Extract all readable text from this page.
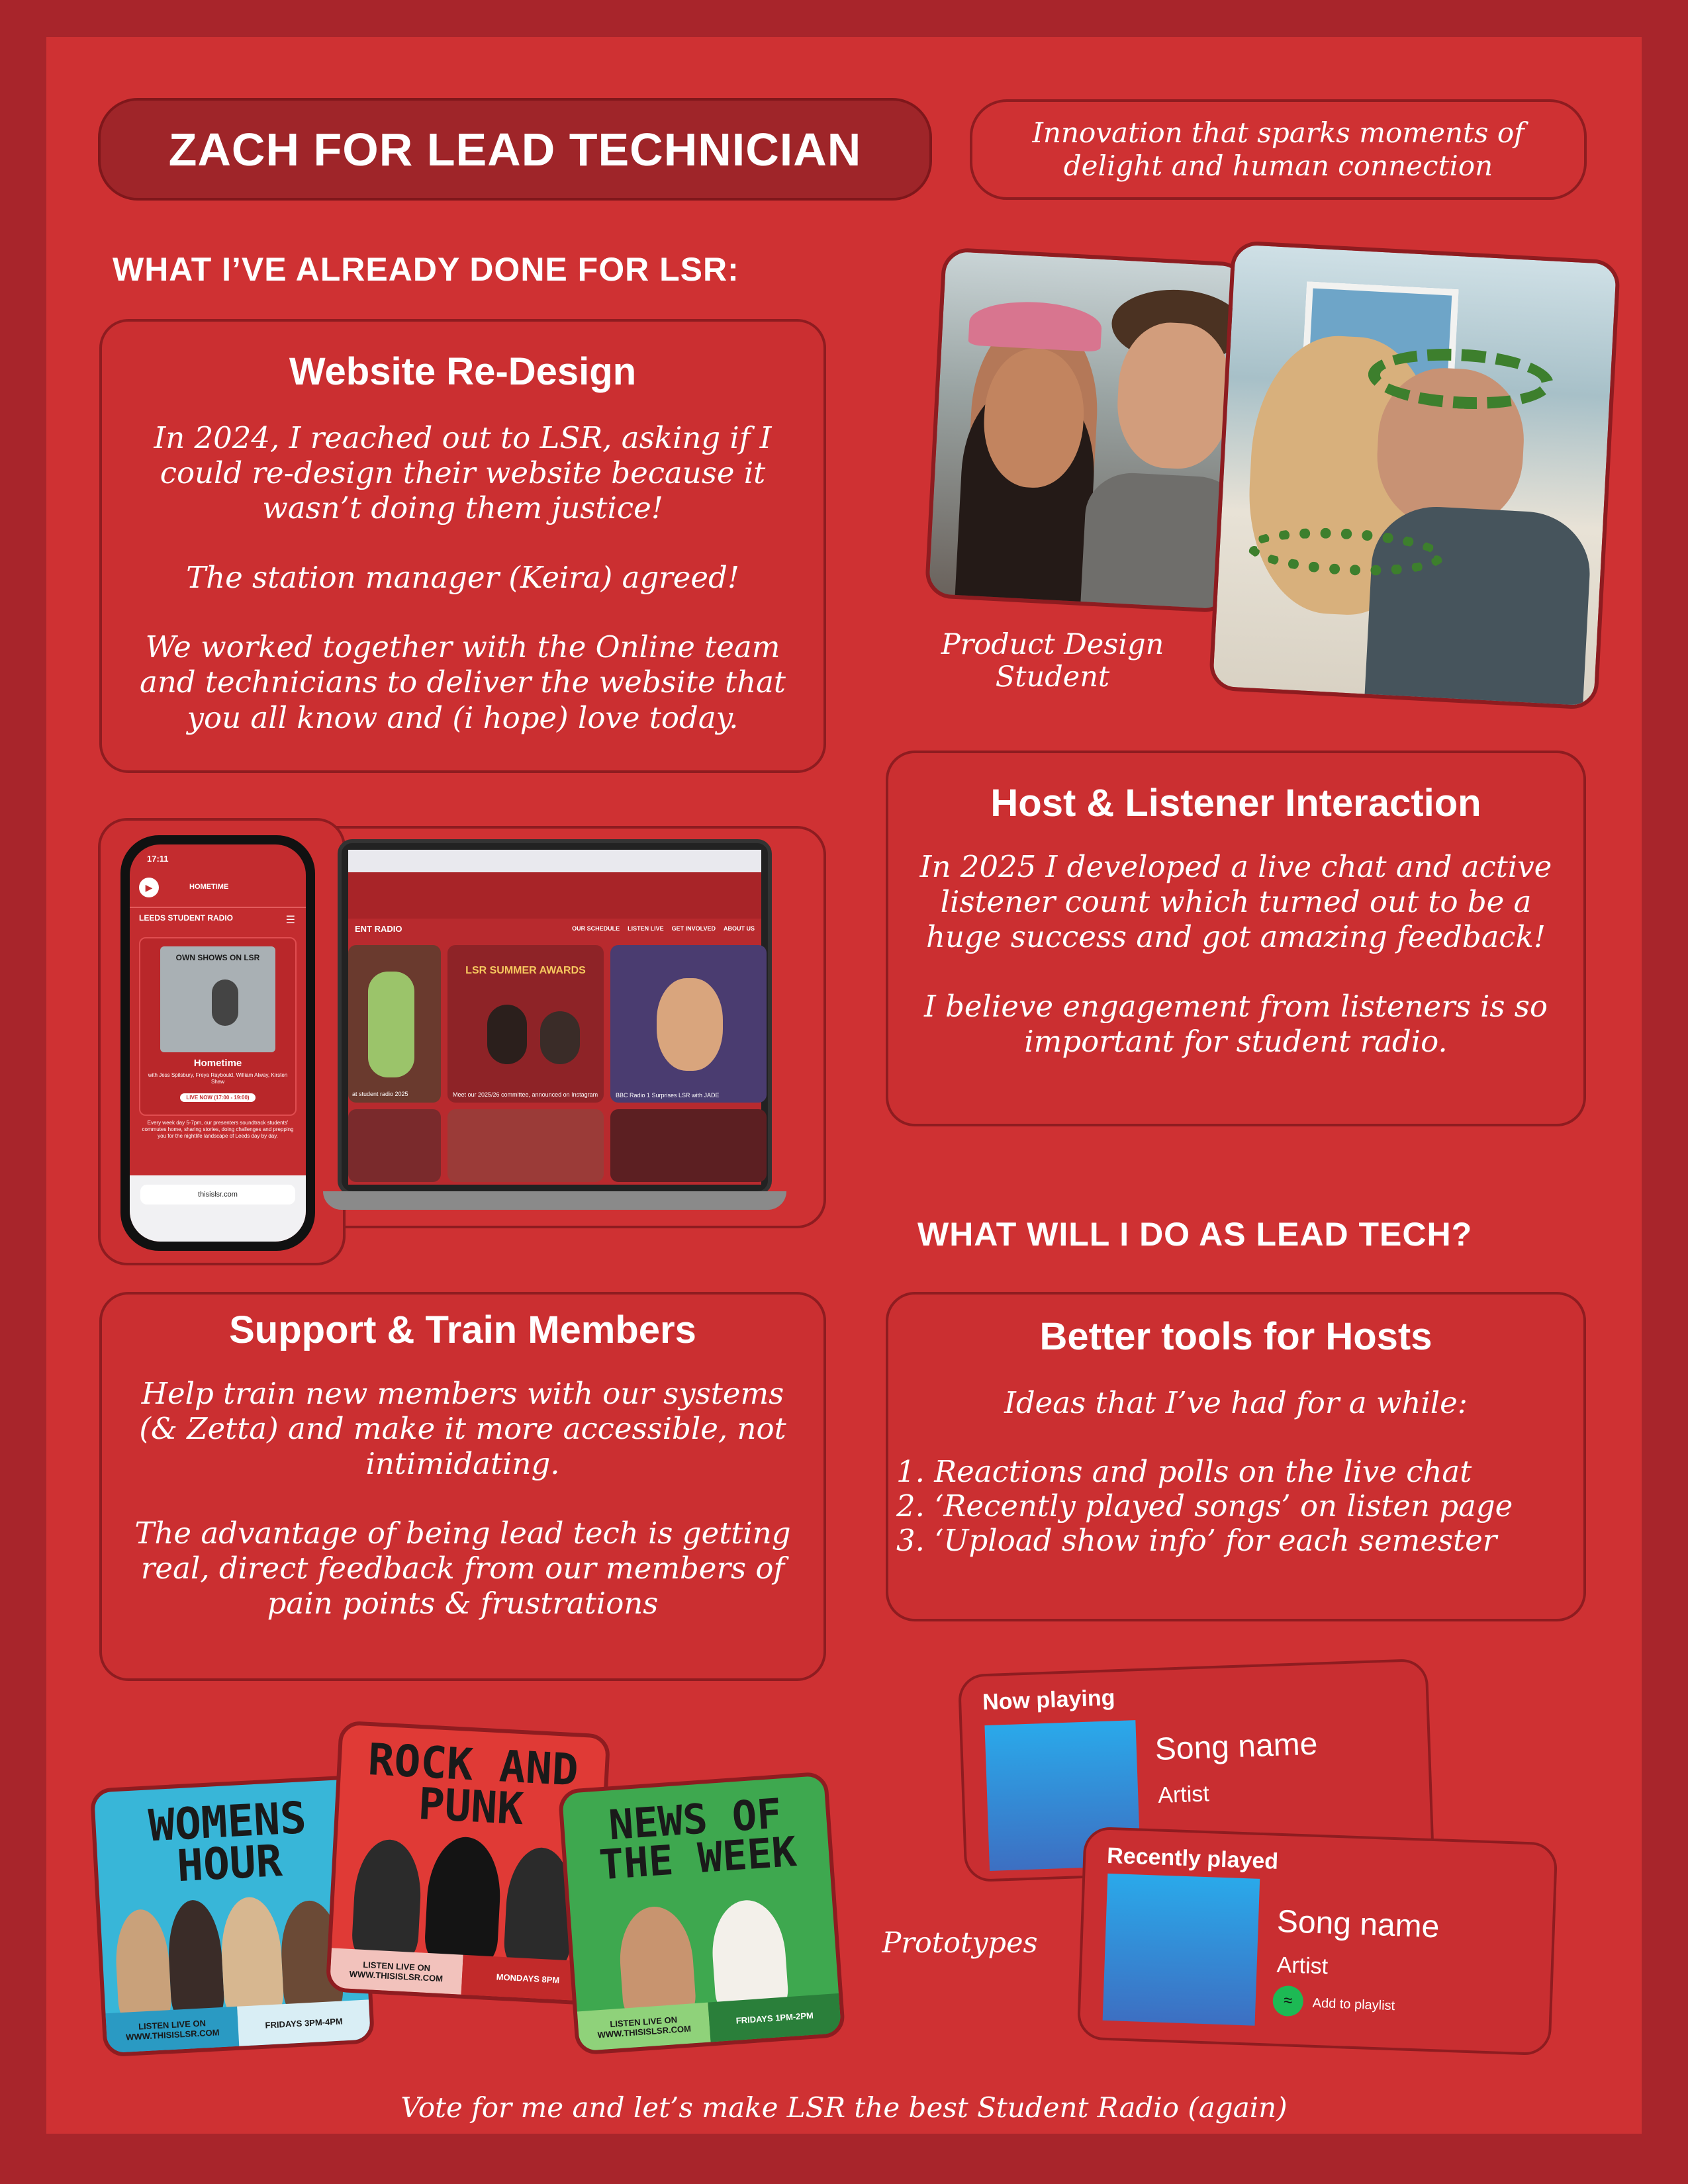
ZACH FOR LEAD TECHNICIAN	Innovation that sparks moments of delight and human connection
WHAT I’VE ALREADY DONE FOR LSR:
Website Re-Design

In 2024, I reached out to LSR, asking if I could re-design their website because it wasn’t doing them justice!

The station manager (Keira) agreed!

We worked together with the Online team and technicians to deliver the website that you all know and (i hope) love today.

Product Design Student
ENT RADIO	OUR SCHEDULE LISTEN LIVE GET INVOLVED ABOUT US
at student radio 2025
LSR SUMMER AWARDS
Meet our 2025/26 committee, announced on Instagram	BBC Radio 1 Surprises LSR with JADE
17:11
▶	HOMETIME
LEEDS STUDENT RADIO	☰
OWN SHOWS ON LSR
Hometime
with Jess Spilsbury, Freya Raybould, William Alway, Kirsten Shaw
LIVE NOW (17:00 - 19:00)
Every week day 5-7pm, our presenters soundtrack students' commutes home, sharing stories, doing challenges and prepping you for the nightlife landscape of Leeds day by day.
thisislsr.com
Host & Listener Interaction

In 2025 I developed a live chat and active listener count which turned out to be a huge success and got amazing feedback!

I believe engagement from listeners is so important for student radio.

WHAT WILL I DO AS LEAD TECH?
Support & Train Members

Help train new members with our systems (& Zetta) and make it more accessible, not intimidating.

The advantage of being lead tech is getting real, direct feedback from our members of pain points & frustrations

Better tools for Hosts
Ideas that I’ve had for a while:
1. Reactions and polls on the live chat
2. ‘Recently played songs’ on listen page
3. ‘Upload show info’ for each semester
WOMENS HOUR
LISTEN LIVE ON WWW.THISISLSR.COM
FRIDAYS 3PM-4PM
ROCK AND PUNK
LISTEN LIVE ON WWW.THISISLSR.COM	MONDAYS 8PM
NEWS OF THE WEEK
LISTEN LIVE ON WWW.THISISLSR.COM
FRIDAYS 1PM-2PM
Prototypes
Now playing
Song name
Artist
Recently played
Song name
Artist
≈	Add to playlist
Vote for me and let’s make LSR the best Student Radio (again)
